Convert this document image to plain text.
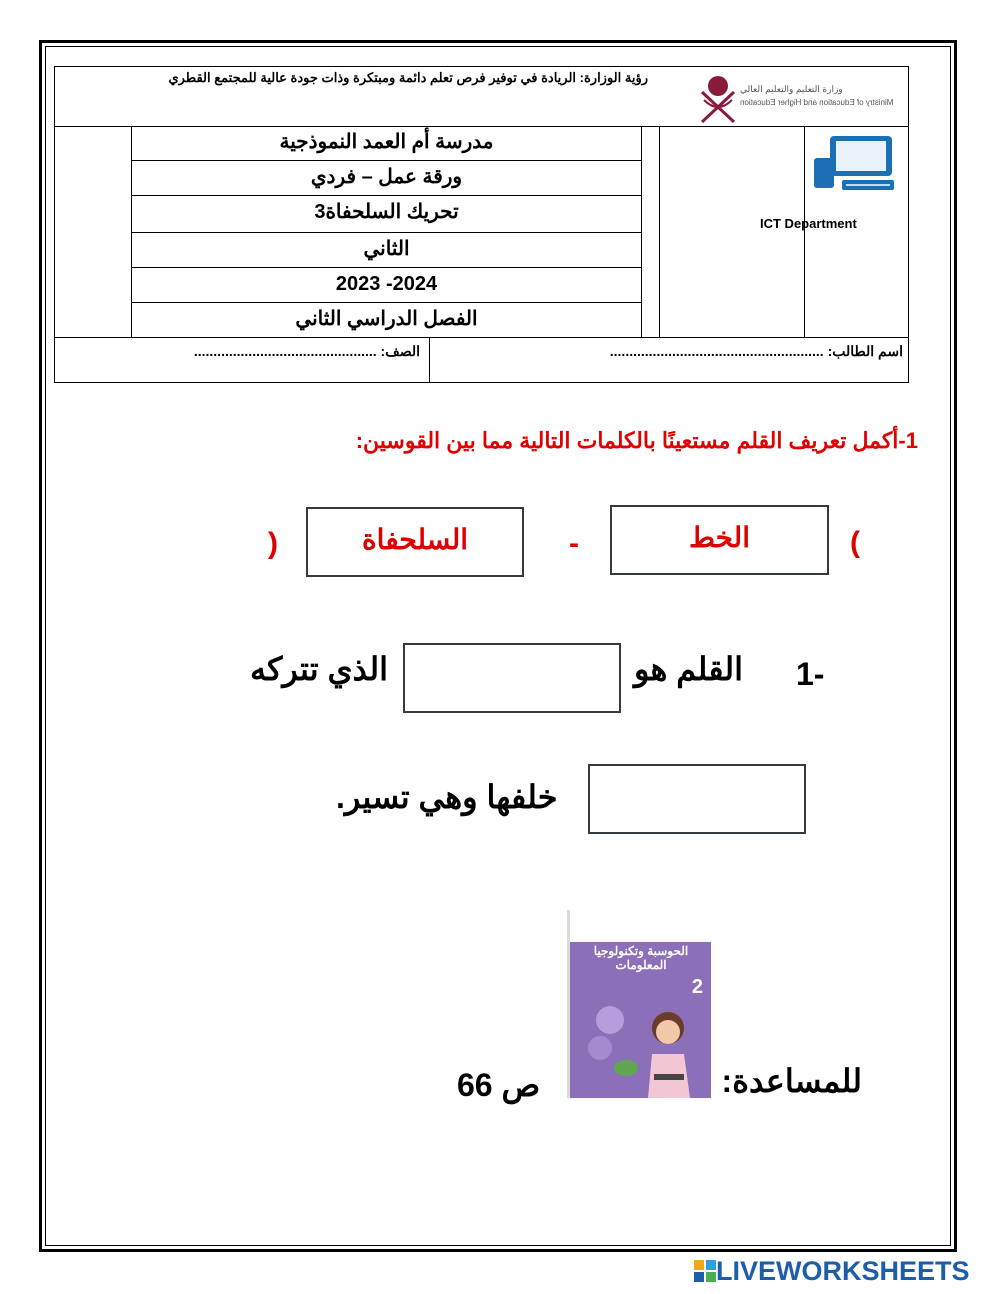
رؤية الوزارة: الريادة في توفير فرص تعلم دائمة ومبتكرة وذات جودة عالية للمجتمع القطري
وزارة التعليم والتعليم العالي
Ministry of Education and Higher Education
مدرسة أم العمد النموذجية
ورقة عمل – فردي
تحريك السلحفاة3
الثاني
2023 -2024
الفصل الدراسي الثاني
ICT Department
اسم الطالب: .......................................................
الصف: ...............................................
1-أكمل تعريف القلم مستعينًا بالكلمات التالية مما بين القوسين:
(
الخط
-
السلحفاة
)
1-
القلم هو
الذي تتركه
خلفها وهي تسير.
للمساعدة:
الحوسبة وتكنولوجيا المعلومات
2
ص 66
LIVEWORKSHEETS
